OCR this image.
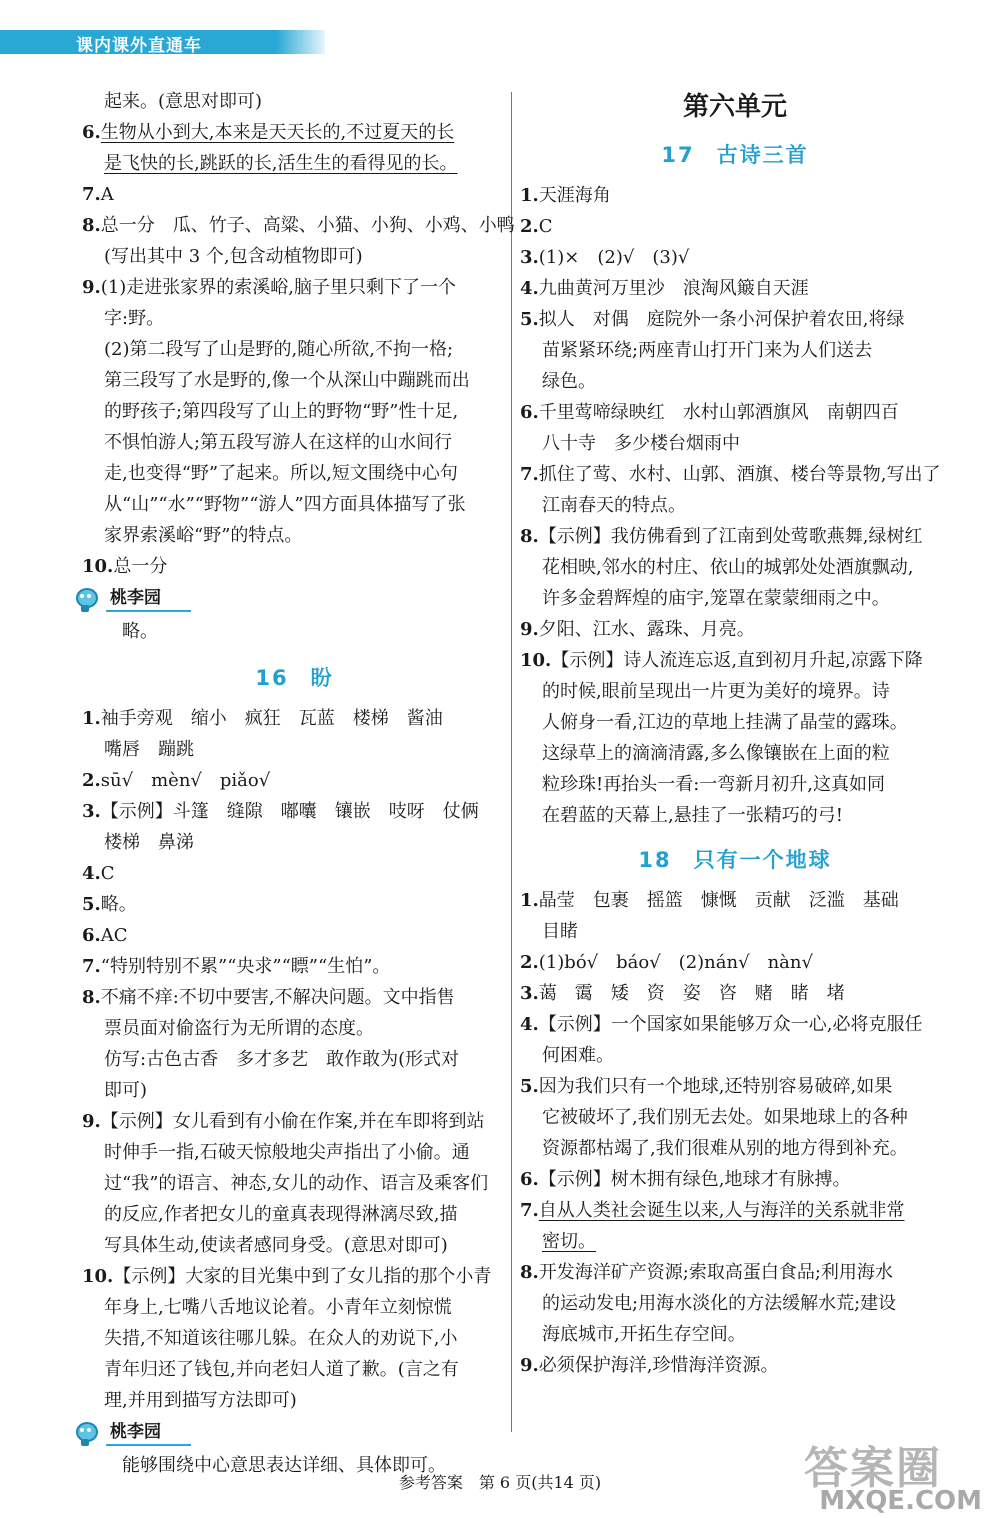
课内课外直通车
起来。(意思对即可)
6.生物从小到大,本来是天天长的,不过夏天的长
是飞快的长,跳跃的长,活生生的看得见的长。
7.A
8.总一分　瓜、竹子、高粱、小猫、小狗、小鸡、小鸭
(写出其中 3 个,包含动植物即可)
9.(1)走进张家界的索溪峪,脑子里只剩下了一个
字:野。
(2)第二段写了山是野的,随心所欲,不拘一格;
第三段写了水是野的,像一个从深山中蹦跳而出
的野孩子;第四段写了山上的野物“野”性十足,
不惧怕游人;第五段写游人在这样的山水间行
走,也变得“野”了起来。所以,短文围绕中心句
从“山”“水”“野物”“游人”四方面具体描写了张
家界索溪峪“野”的特点。
10.总一分
桃李园
略。
16 盼
1.袖手旁观　缩小　疯狂　瓦蓝　楼梯　酱油
嘴唇　蹦跳
2.sū√　mèn√　piǎo√
3.【示例】斗篷　缝隙　嘟囔　镶嵌　吱呀　仗俩
楼梯　鼻涕
4.C
5.略。
6.AC
7.“特别特别不累”“央求”“瞟”“生怕”。
8.不痛不痒:不切中要害,不解决问题。文中指售
票员面对偷盗行为无所谓的态度。
仿写:古色古香　多才多艺　敢作敢为(形式对
即可)
9.【示例】女儿看到有小偷在作案,并在车即将到站
时伸手一指,石破天惊般地尖声指出了小偷。通
过“我”的语言、神态,女儿的动作、语言及乘客们
的反应,作者把女儿的童真表现得淋漓尽致,描
写具体生动,使读者感同身受。(意思对即可)
10.【示例】大家的目光集中到了女儿指的那个小青
年身上,七嘴八舌地议论着。小青年立刻惊慌
失措,不知道该往哪儿躲。在众人的劝说下,小
青年归还了钱包,并向老妇人道了歉。(言之有
理,并用到描写方法即可)
桃李园
能够围绕中心意思表达详细、具体即可。
第六单元
17 古诗三首
1.天涯海角
2.C
3.(1)×　(2)√　(3)√
4.九曲黄河万里沙　浪淘风簸自天涯
5.拟人　对偶　庭院外一条小河保护着农田,将绿
苗紧紧环绕;两座青山打开门来为人们送去
绿色。
6.千里莺啼绿映红　水村山郭酒旗风　南朝四百
八十寺　多少楼台烟雨中
7.抓住了莺、水村、山郭、酒旗、楼台等景物,写出了
江南春天的特点。
8.【示例】我仿佛看到了江南到处莺歌燕舞,绿树红
花相映,邻水的村庄、依山的城郭处处酒旗飘动,
许多金碧辉煌的庙宇,笼罩在蒙蒙细雨之中。
9.夕阳、江水、露珠、月亮。
10.【示例】诗人流连忘返,直到初月升起,凉露下降
的时候,眼前呈现出一片更为美好的境界。诗
人俯身一看,江边的草地上挂满了晶莹的露珠。
这绿草上的滴滴清露,多么像镶嵌在上面的粒
粒珍珠!再抬头一看:一弯新月初升,这真如同
在碧蓝的天幕上,悬挂了一张精巧的弓!
18 只有一个地球
1.晶莹　包裹　摇篮　慷慨　贡献　泛滥　基础
目睹
2.(1)bó√　báo√　(2)nán√　nàn√
3.蔼　霭　矮　资　姿　咨　赌　睹　堵
4.【示例】一个国家如果能够万众一心,必将克服任
何困难。
5.因为我们只有一个地球,还特别容易破碎,如果
它被破坏了,我们别无去处。如果地球上的各种
资源都枯竭了,我们很难从别的地方得到补充。
6.【示例】树木拥有绿色,地球才有脉搏。
7.自从人类社会诞生以来,人与海洋的关系就非常
密切。
8.开发海洋矿产资源;索取高蛋白食品;利用海水
的运动发电;用海水淡化的方法缓解水荒;建设
海底城市,开拓生存空间。
9.必须保护海洋,珍惜海洋资源。
参考答案　第 6 页(共14 页)	答案圈
MXQE.COM
